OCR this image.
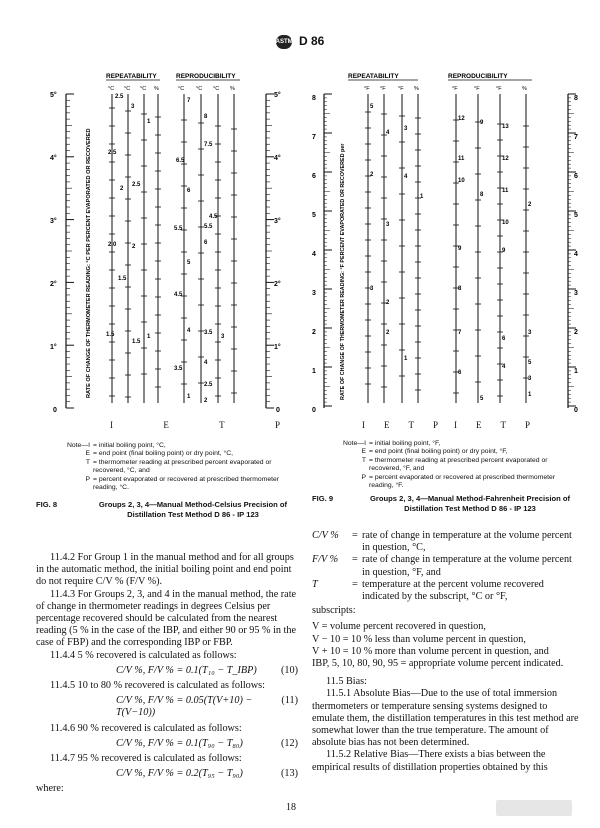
ASTM D 86
REPEATABILITY	REPRODUCIBILITY
°C °C °C %	°C °C °C %
5°
4°
3°
2°
1°
0
RATE OF CHANGE OF THERMOMETER READING: °C PER PERCENT EVAPORATED OR RECOVERED
5°
4°
3°
2°
1°
0
2.5
3
1
2.5
2
2.5
2.0	2
1.5
1.5
1.5
1
7
8
7.5
6.5
6
4.5
5.5	5.5
6
5
4.5
4 3.5
3.5
3
4
2.5
2
1
I	E	T	P
REPEATABILITY	REPRODUCIBILITY
°F °F °F %	°F	°F	°F	%
8
7
6
5
4
3
2
1
0
8
7
6
5
4
3
2
1
0
RATE OF CHANGE OF THERMOMETER READING: °F PERCENT EVAPORATED OR RECOVERED per
5
4
3
4
2
3
1
3
2
2
1
12
9
13
11	12
11
10
8
10
2
9	9
8
7
6
3
5
4
3
6
1
5
I E T P I E T P
Note—I = initial boiling point, °C,
E = end point (final boiling point) or dry point, °C,
T = thermometer reading at prescribed percent evaporated or recovered, °C, and
P = percent evaporated or recovered at prescribed thermometer reading, °C.
FIG. 8	Groups 2, 3, 4—Manual Method-Celsius Precision of Distillation Test Method D 86 - IP 123
Note—I = initial boiling point, °F,
E = end point (final boiling point) or dry point, °F,
T = thermometer reading at prescribed percent evaporated or recovered, °F, and
P = percent evaporated or recovered at prescribed thermometer reading, °F.
FIG. 9	Groups 2, 3, 4—Manual Method-Fahrenheit Precision of Distillation Test Method D 86 - IP 123

11.4.2 For Group 1 in the manual method and for all groups in the automatic method, the initial boiling point and end point do not require C/V % (F/V %).

11.4.3 For Groups 2, 3, and 4 in the manual method, the rate of change in thermometer readings in degrees Celsius per percentage recovered should be calculated from the nearest reading (5 % in the case of the IBP, and either 90 or 95 % in the case of FBP) and the corresponding IBP or FBP.

11.4.4 5 % recovered is calculated as follows:

C/V %, F/V % = 0.1(T₁₀ − T_IBP) (10)

11.4.5 10 to 80 % recovered is calculated as follows:

C/V %, F/V % = 0.05(T(V+10) − T(V−10))
(11)

11.4.6 90 % recovered is calculated as follows:

C/V %, F/V % = 0.1(T₉₀ − T₈₀)	(12)

11.4.7 95 % recovered is calculated as follows:

C/V %, F/V % = 0.2(T₉₅ − T₉₀)	(13)

where:

C/V %	= rate of change in temperature at the volume percent in question, °C,
F/V %	= rate of change in temperature at the volume percent in question, °F, and
T	= temperature at the percent volume recovered indicated by the subscript, °C or °F,

subscripts:

V = volume percent recovered in question,

V − 10 = 10 % less than volume percent in question,

V + 10 = 10 % more than volume percent in question, and

IBP, 5, 10, 80, 90, 95 = appropriate volume percent indicated.

11.5 Bias:

11.5.1 Absolute Bias—Due to the use of total immersion thermometers or temperature sensing systems designed to emulate them, the distillation temperatures in this test method are somewhat lower than the true temperature. The amount of absolute bias has not been determined.

11.5.2 Relative Bias—There exists a bias between the empirical results of distillation properties obtained by this

18
